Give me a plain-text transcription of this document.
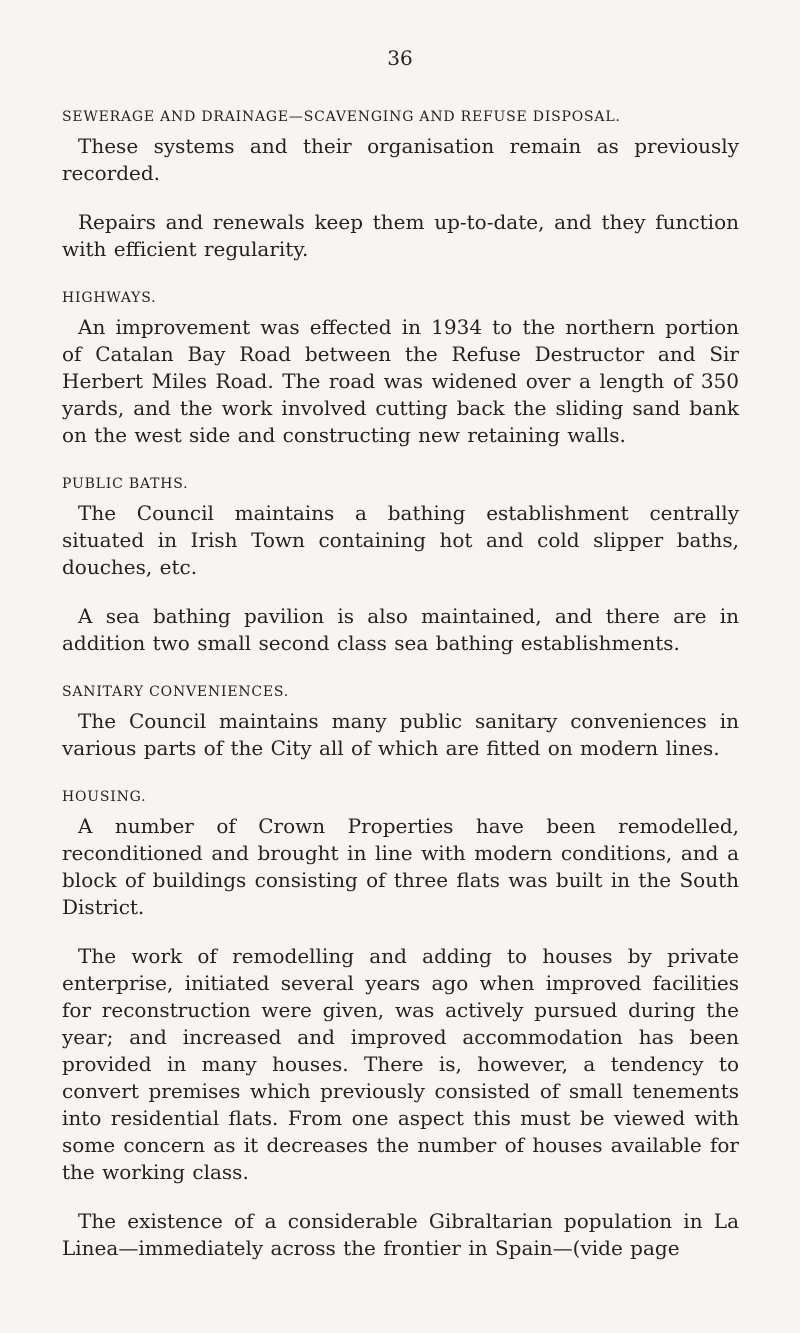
36
SEWERAGE AND DRAINAGE—SCAVENGING AND REFUSE DISPOSAL.

These systems and their organisation remain as previously recorded.

Repairs and renewals keep them up-to-date, and they function with efficient regularity.

HIGHWAYS.

An improvement was effected in 1934 to the northern portion of Catalan Bay Road between the Refuse Destructor and Sir Herbert Miles Road. The road was widened over a length of 350 yards, and the work involved cutting back the sliding sand bank on the west side and constructing new retaining walls.

PUBLIC BATHS.

The Council maintains a bathing establishment centrally situated in Irish Town containing hot and cold slipper baths, douches, etc.

A sea bathing pavilion is also maintained, and there are in addition two small second class sea bathing establishments.

SANITARY CONVENIENCES.

The Council maintains many public sanitary conveniences in various parts of the City all of which are fitted on modern lines.

HOUSING.

A number of Crown Properties have been remodelled, reconditioned and brought in line with modern conditions, and a block of buildings consisting of three flats was built in the South District.

The work of remodelling and adding to houses by private enterprise, initiated several years ago when improved facilities for reconstruction were given, was actively pursued during the year; and increased and improved accommodation has been provided in many houses. There is, however, a tendency to convert premises which previously consisted of small tenements into residential flats. From one aspect this must be viewed with some concern as it decreases the number of houses available for the working class.

The existence of a considerable Gibraltarian population in La Linea—immediately across the frontier in Spain—(vide page
